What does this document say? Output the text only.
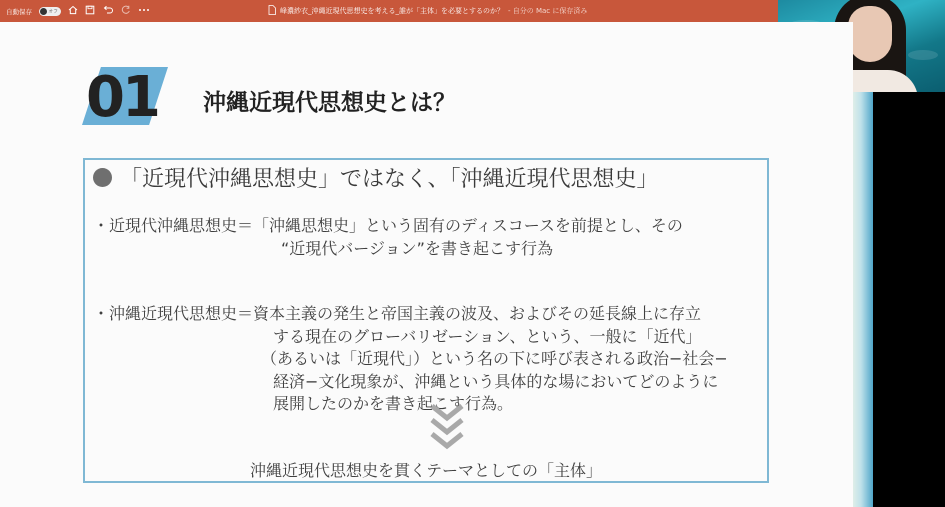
自動保存	オフ	峰濃紗衣_沖縄近現代思想史を考える_誰が「主体」を必要とするのか？ - 自分の Mac に保存済み
01 沖縄近現代思想史とは？
「近現代沖縄思想史」ではなく、「沖縄近現代思想史」
・近現代沖縄思想史＝「沖縄思想史」という固有のディスコースを前提とし、その
“近現代バージョン”を書き起こす行為
・沖縄近現代思想史＝資本主義の発生と帝国主義の波及、およびその延長線上に存立
する現在のグローバリゼーション、という、一般に「近代」
（あるいは「近現代」）という名の下に呼び表される政治−社会−
経済−文化現象が、沖縄という具体的な場においてどのように
展開したのかを書き起こす行為。
沖縄近現代思想史を貫くテーマとしての「主体」
